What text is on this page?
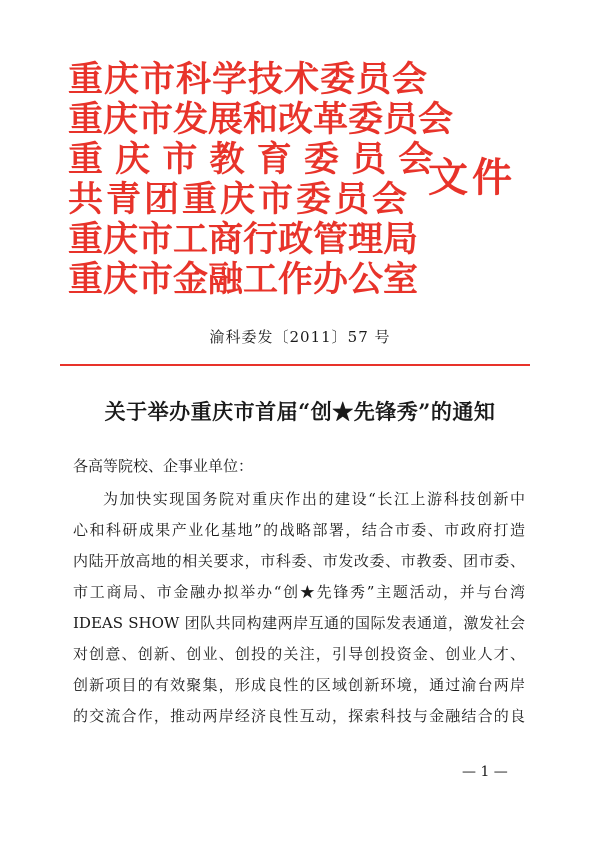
重庆市科学技术委员会
重庆市发展和改革委员会
重 庆 市 教 育 委 员 会
共青团重庆市委员会
重庆市工商行政管理局
重庆市金融工作办公室
文件
渝科委发〔2011〕57 号
关于举办重庆市首届“创★先锋秀”的通知
各高等院校、企事业单位：
为加快实现国务院对重庆作出的建设“长江上游科技创新中
心和科研成果产业化基地”的战略部署，结合市委、市政府打造
内陆开放高地的相关要求，市科委、市发改委、市教委、团市委、
市工商局、市金融办拟举办“创★先锋秀”主题活动，并与台湾
IDEAS SHOW 团队共同构建两岸互通的国际发表通道，激发社会
对创意、创新、创业、创投的关注，引导创投资金、创业人才、
创新项目的有效聚集，形成良性的区域创新环境，通过渝台两岸
的交流合作，推动两岸经济良性互动，探索科技与金融结合的良
— 1 —
